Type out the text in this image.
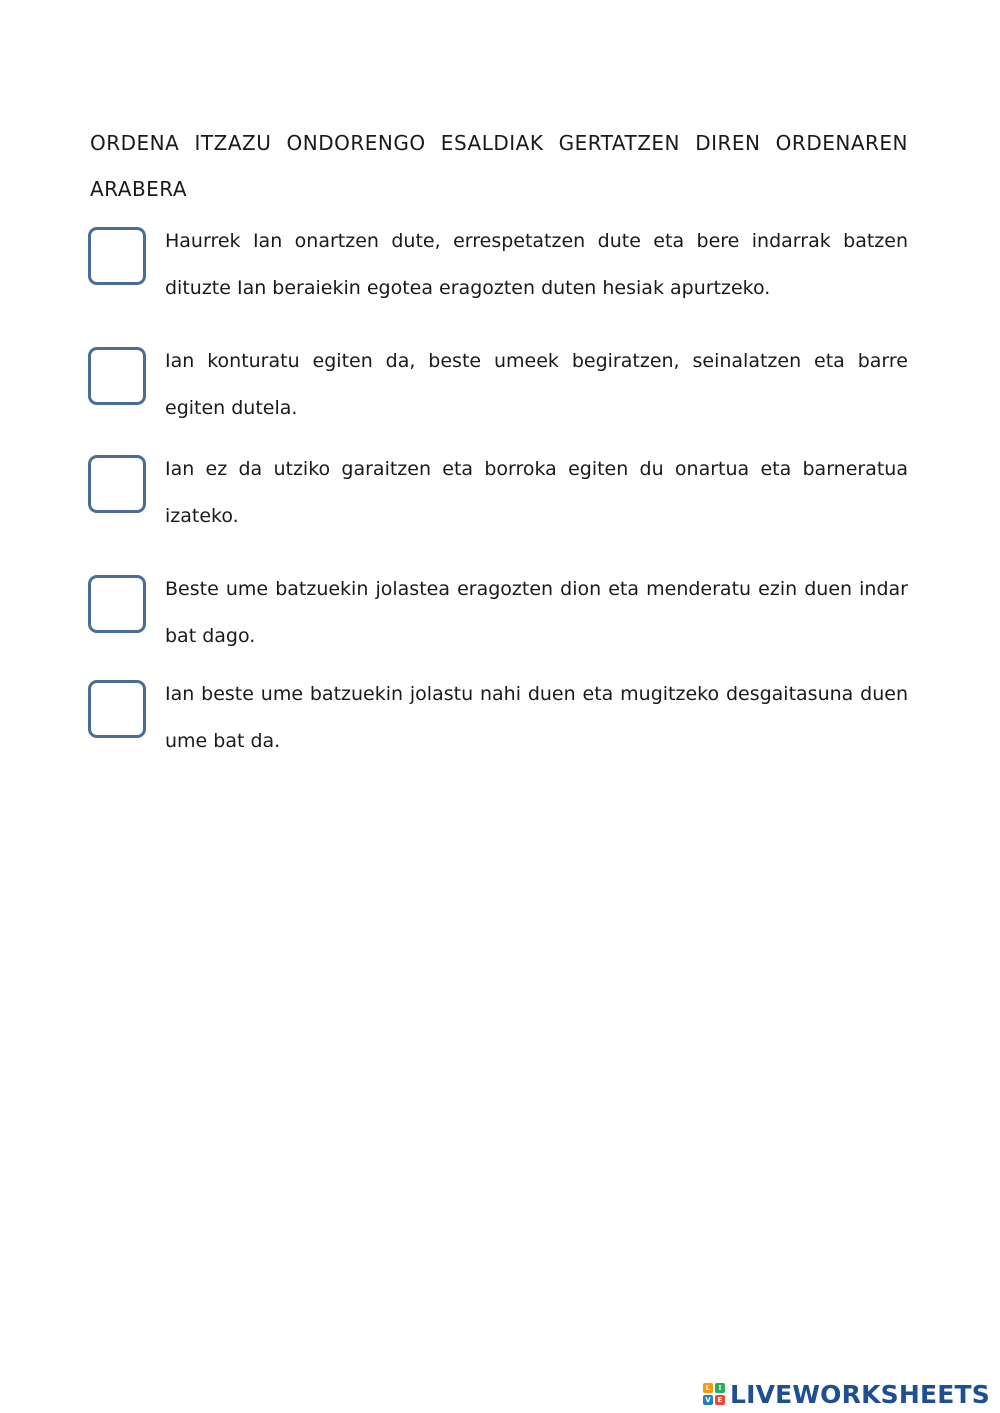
ORDENA ITZAZU ONDORENGO ESALDIAK GERTATZEN DIREN ORDENAREN ARABERA

Haurrek Ian onartzen dute, errespetatzen dute eta bere indarrak batzen dituzte Ian beraiekin egotea eragozten duten hesiak apurtzeko.

Ian konturatu egiten da, beste umeek begiratzen, seinalatzen eta barre egiten dutela.

Ian ez da utziko garaitzen eta borroka egiten du onartua eta barneratua izateko.

Beste ume batzuekin jolastea eragozten dion eta menderatu ezin duen indar bat dago.

Ian beste ume batzuekin jolastu nahi duen eta mugitzeko desgaitasuna duen ume bat da.

L	I
V E LIVEWORKSHEETS
